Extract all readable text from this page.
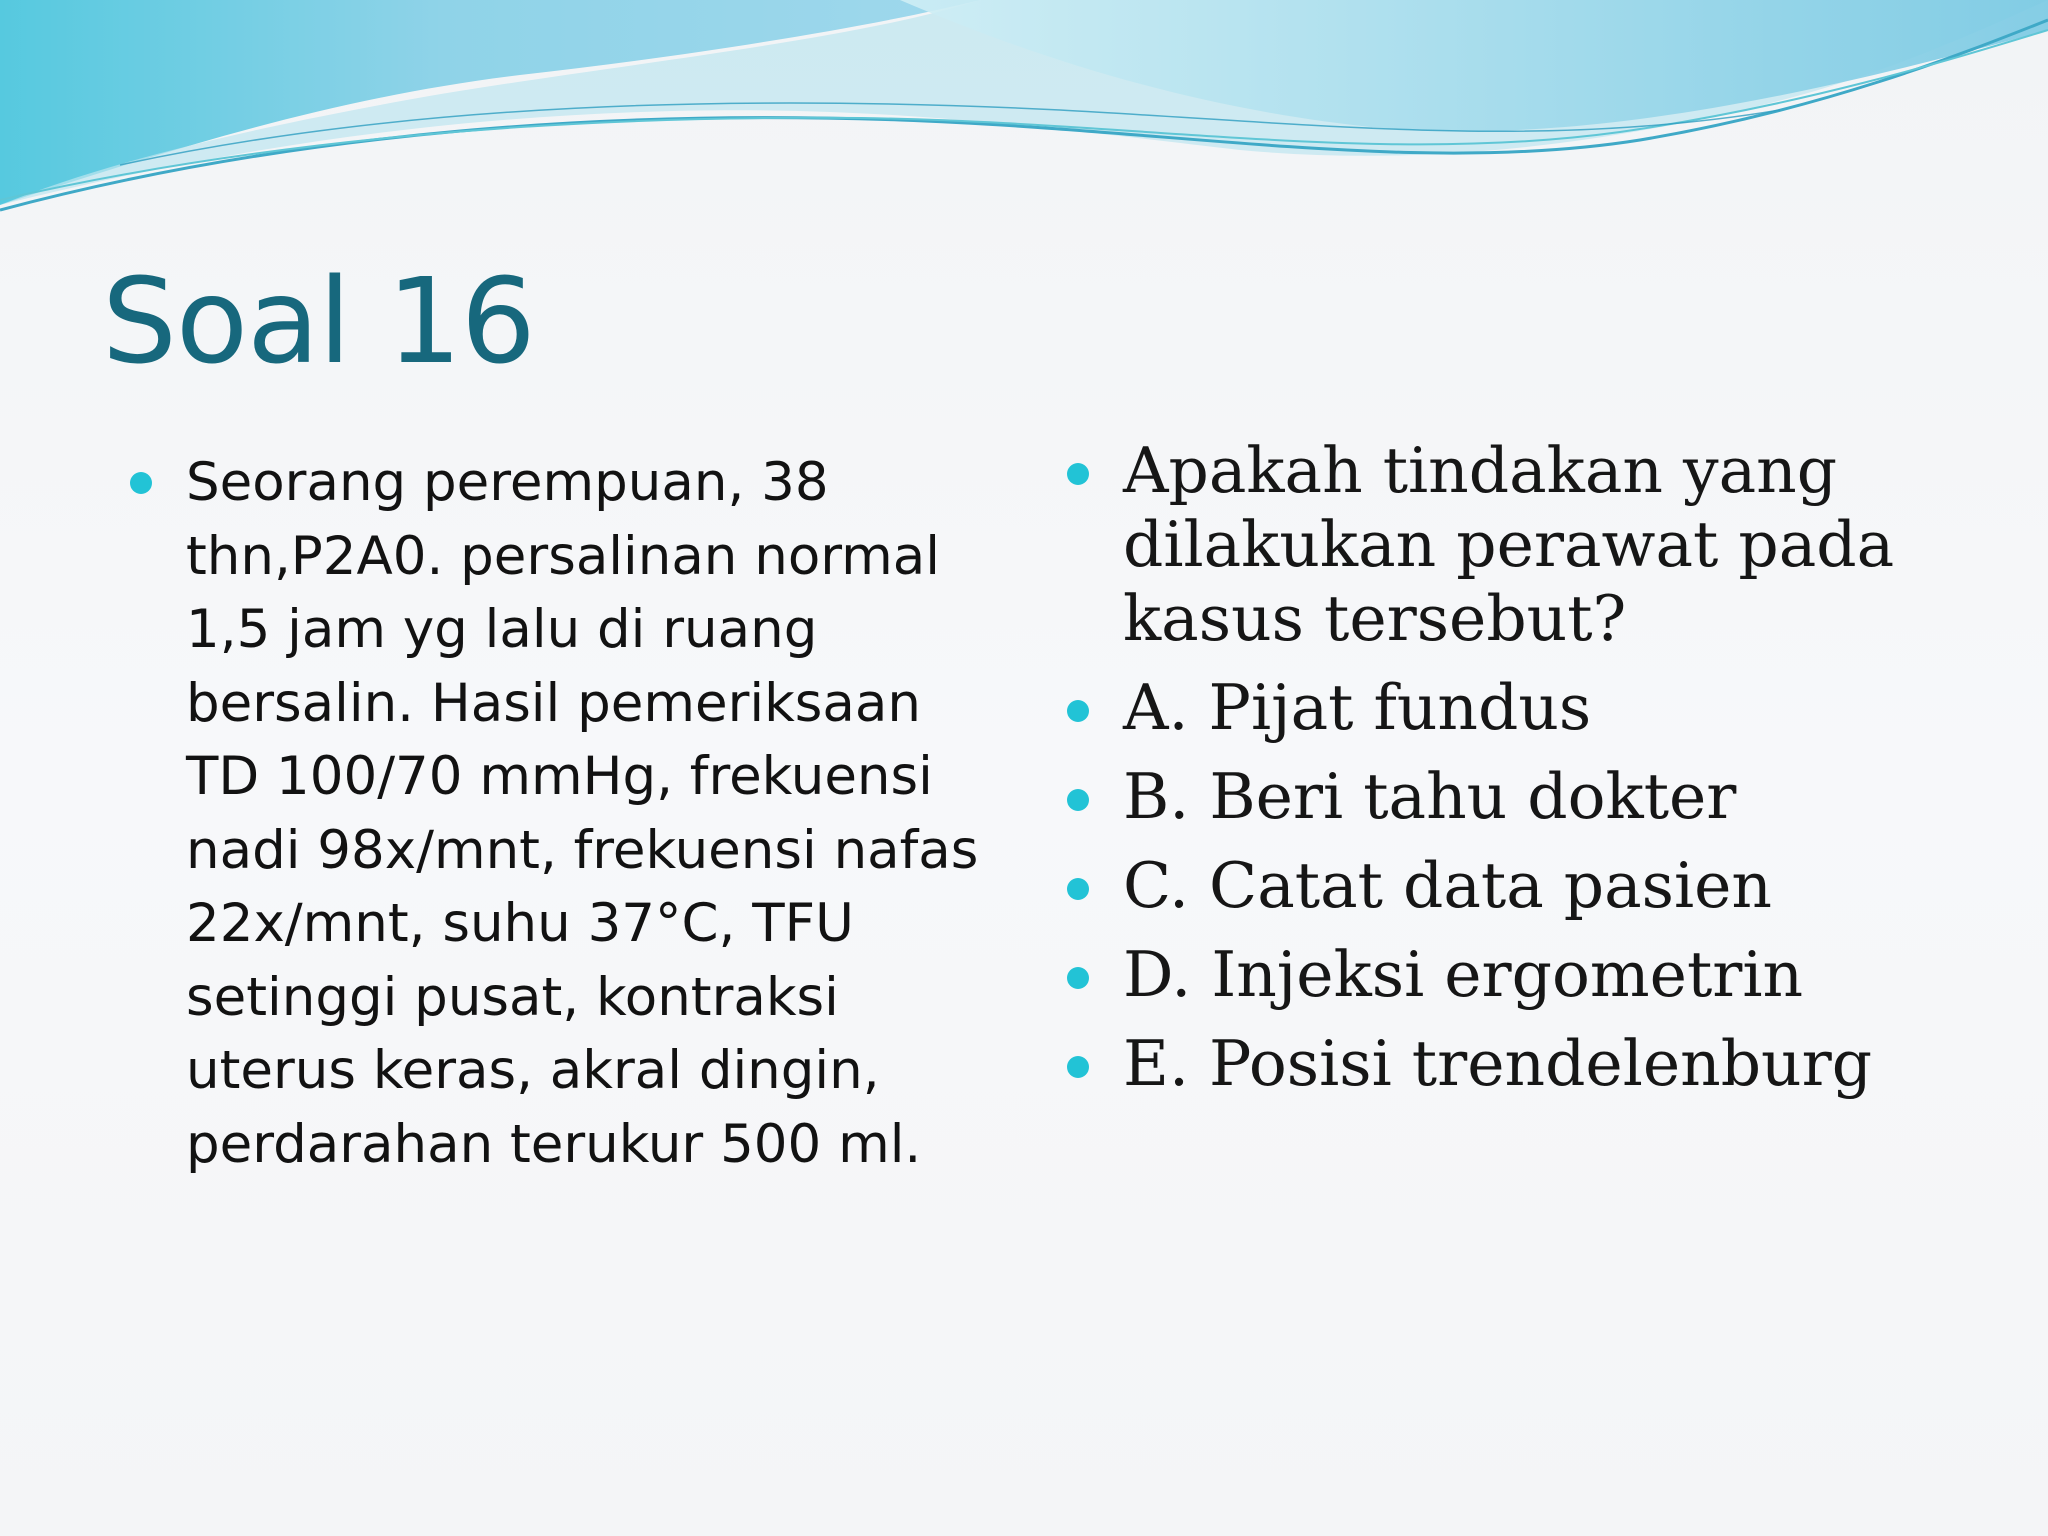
Soal 16
Seorang perempuan, 38 thn,P2A0. persalinan normal 1,5 jam yg lalu di ruang bersalin. Hasil pemeriksaan TD 100/70 mmHg, frekuensi nadi 98x/mnt, frekuensi nafas 22x/mnt, suhu 37°C, TFU setinggi pusat, kontraksi uterus keras, akral dingin, perdarahan terukur 500 ml.
Apakah tindakan yang dilakukan perawat pada kasus tersebut?
A. Pijat fundus
B. Beri tahu dokter
C. Catat data pasien
D. Injeksi ergometrin
E. Posisi trendelenburg
